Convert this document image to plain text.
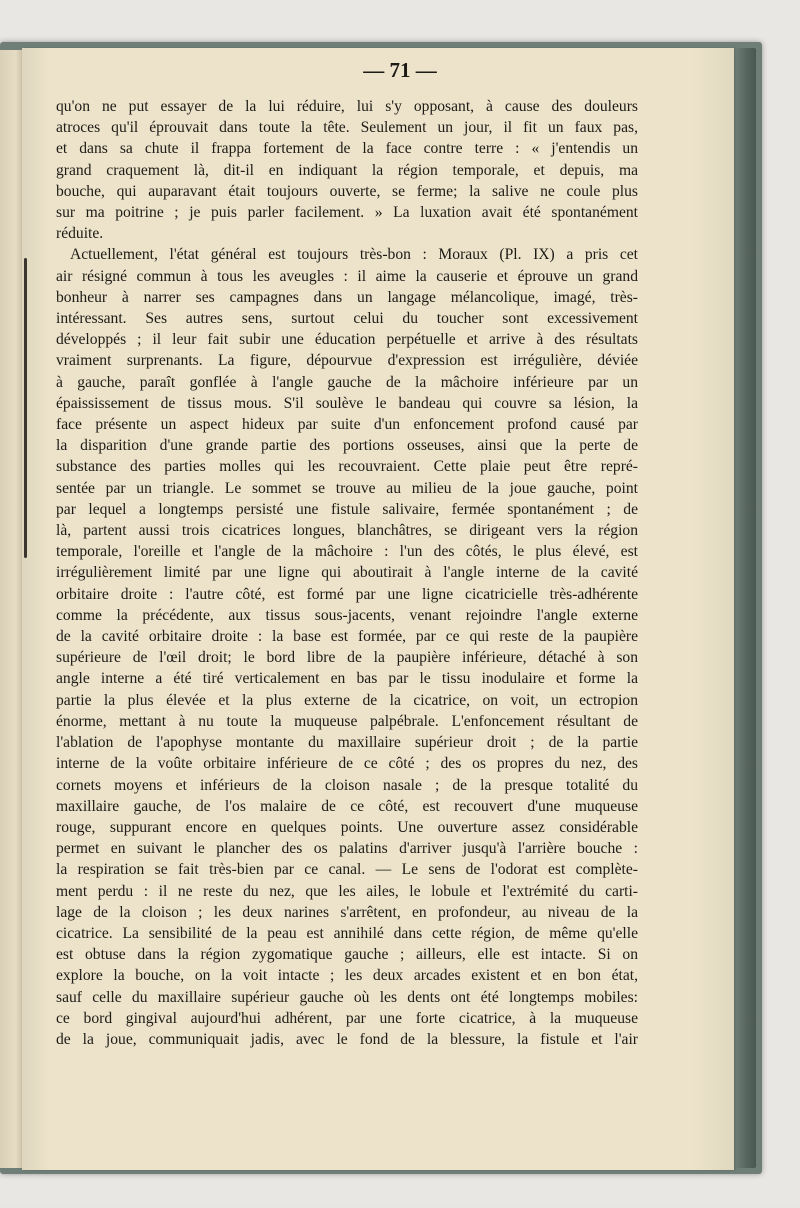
— 71 —
qu'on ne put essayer de la lui réduire, lui s'y opposant, à cause des douleurs
atroces qu'il éprouvait dans toute la tête. Seulement un jour, il fit un faux pas,
et dans sa chute il frappa fortement de la face contre terre : « j'entendis un
grand craquement là, dit-il en indiquant la région temporale, et depuis, ma
bouche, qui auparavant était toujours ouverte, se ferme; la salive ne coule plus
sur ma poitrine ; je puis parler facilement. » La luxation avait été spontanément
réduite.
Actuellement, l'état général est toujours très-bon : Moraux (Pl. IX) a pris cet
air résigné commun à tous les aveugles : il aime la causerie et éprouve un grand
bonheur à narrer ses campagnes dans un langage mélancolique, imagé, très-
intéressant. Ses autres sens, surtout celui du toucher sont excessivement
développés ; il leur fait subir une éducation perpétuelle et arrive à des résultats
vraiment surprenants. La figure, dépourvue d'expression est irrégulière, déviée
à gauche, paraît gonflée à l'angle gauche de la mâchoire inférieure par un
épaississement de tissus mous. S'il soulève le bandeau qui couvre sa lésion, la
face présente un aspect hideux par suite d'un enfoncement profond causé par
la disparition d'une grande partie des portions osseuses, ainsi que la perte de
substance des parties molles qui les recouvraient. Cette plaie peut être repré-
sentée par un triangle. Le sommet se trouve au milieu de la joue gauche, point
par lequel a longtemps persisté une fistule salivaire, fermée spontanément ; de
là, partent aussi trois cicatrices longues, blanchâtres, se dirigeant vers la région
temporale, l'oreille et l'angle de la mâchoire : l'un des côtés, le plus élevé, est
irrégulièrement limité par une ligne qui aboutirait à l'angle interne de la cavité
orbitaire droite : l'autre côté, est formé par une ligne cicatricielle très-adhérente
comme la précédente, aux tissus sous-jacents, venant rejoindre l'angle externe
de la cavité orbitaire droite : la base est formée, par ce qui reste de la paupière
supérieure de l'œil droit; le bord libre de la paupière inférieure, détaché à son
angle interne a été tiré verticalement en bas par le tissu inodulaire et forme la
partie la plus élevée et la plus externe de la cicatrice, on voit, un ectropion
énorme, mettant à nu toute la muqueuse palpébrale. L'enfoncement résultant de
l'ablation de l'apophyse montante du maxillaire supérieur droit ; de la partie
interne de la voûte orbitaire inférieure de ce côté ; des os propres du nez, des
cornets moyens et inférieurs de la cloison nasale ; de la presque totalité du
maxillaire gauche, de l'os malaire de ce côté, est recouvert d'une muqueuse
rouge, suppurant encore en quelques points. Une ouverture assez considérable
permet en suivant le plancher des os palatins d'arriver jusqu'à l'arrière bouche :
la respiration se fait très-bien par ce canal. — Le sens de l'odorat est complète-
ment perdu : il ne reste du nez, que les ailes, le lobule et l'extrémité du carti-
lage de la cloison ; les deux narines s'arrêtent, en profondeur, au niveau de la
cicatrice. La sensibilité de la peau est annihilé dans cette région, de même qu'elle
est obtuse dans la région zygomatique gauche ; ailleurs, elle est intacte. Si on
explore la bouche, on la voit intacte ; les deux arcades existent et en bon état,
sauf celle du maxillaire supérieur gauche où les dents ont été longtemps mobiles:
ce bord gingival aujourd'hui adhérent, par une forte cicatrice, à la muqueuse
de la joue, communiquait jadis, avec le fond de la blessure, la fistule et l'air
